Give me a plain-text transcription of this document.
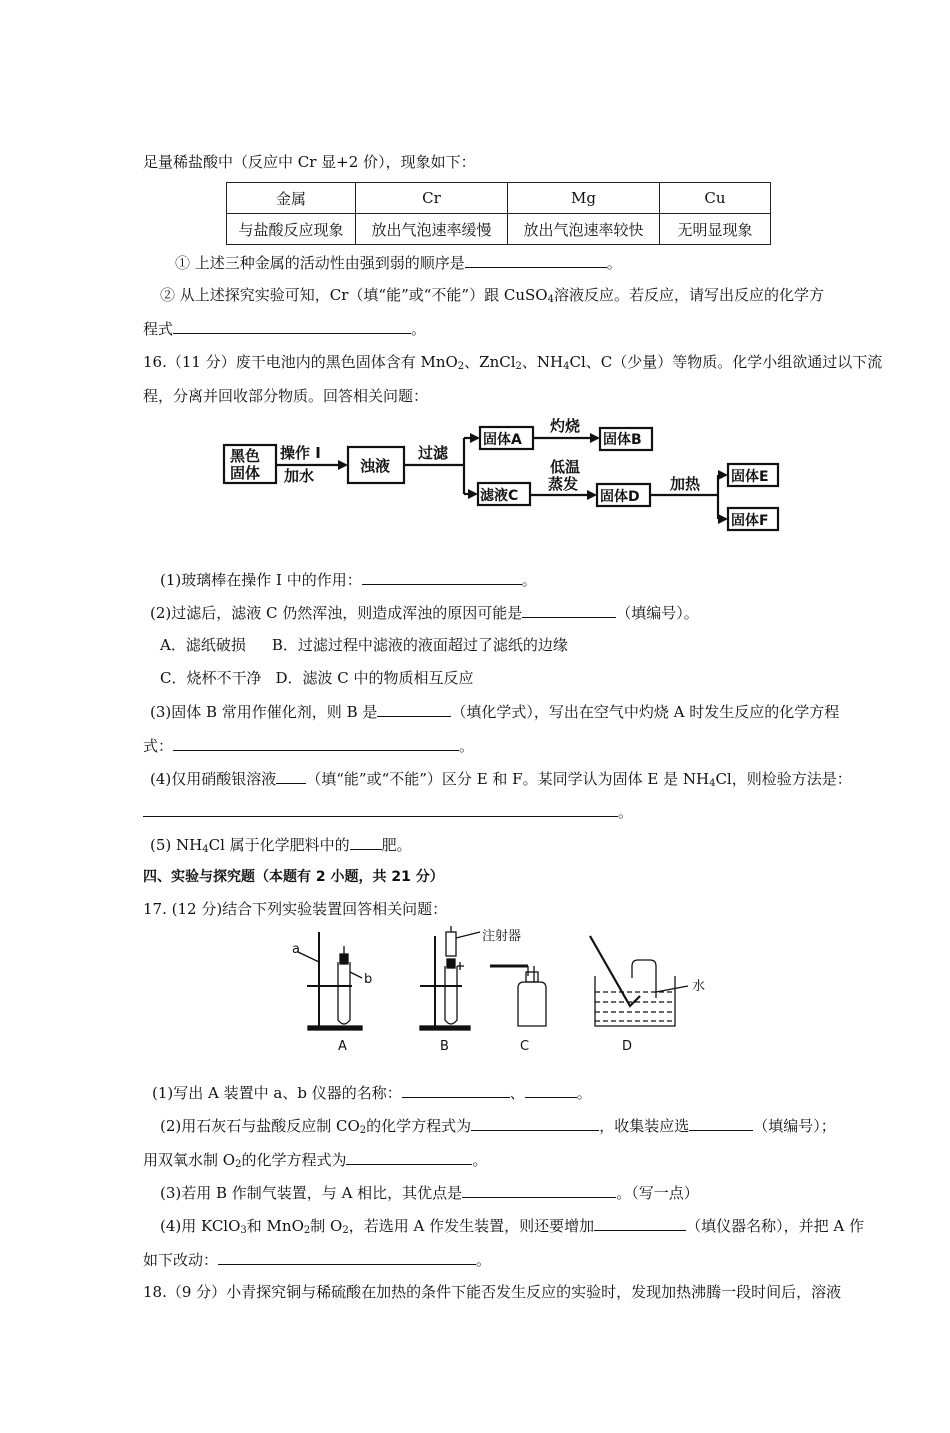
足量稀盐酸中（反应中 Cr 显+2 价），现象如下：
金属	Cr	Mg	Cu
与盐酸反应现象	放出气泡速率缓慢	放出气泡速率较快	无明显现象
① 上述三种金属的活动性由强到弱的顺序是	。
② 从上述探究实验可知，Cr（填“能”或“不能”）跟 CuSO$_4$溶液反应。若反应，请写出反应的化学方
程式	。
16.（11 分）废干电池内的黑色固体含有 MnO$_2$、ZnCl$_2$、$NH_4Cl$、C（少量）等物质。化学小组欲通过以下流
程，分离并回收部分物质。回答相关问题：
黑色
固体
操作 I
加水
浊液
过滤
固体A
灼烧
固体B
滤液C
低温
蒸发
固体D
加热 固体E
固体F
(1)玻璃棒在操作 I 中的作用：	。
(2)过滤后，滤液 C 仍然浑浊，则造成浑浊的原因可能是	（填编号）。
A．滤纸破损 B．过滤过程中滤液的液面超过了滤纸的边缘
C．烧杯不干净 D．滤波 C 中的物质相互反应
(3)固体 B 常用作催化剂，则 B 是	（填化学式），写出在空气中灼烧 A 时发生反应的化学方程
式：	。
(4)仅用硝酸银溶液 （填“能”或“不能”）区分 E 和 F。某同学认为固体 E 是 $NH_4Cl$，则检验方法是：
。
(5) $NH_4Cl$ 属于化学肥料中的 肥。
四、实验与探究题（本题有 2 小题，共 21 分）
17. (12 分)结合下列实验装置回答相关问题：
a
b
注射器
水
A	B	C	D
(1)写出 A 装置中 a、b 仪器的名称：	、	。
(2)用石灰石与盐酸反应制 $CO_2$的化学方程式为	，收集装应选	（填编号）；
用双氧水制 $O_2$的化学方程式为	。
(3)若用 B 作制气装置，与 A 相比，其优点是	。（写一点）
(4)用 KClO$_3$和 MnO$_2$制 $O_2$，若选用 A 作发生装置，则还要增加	（填仪器名称），并把 A 作
如下改动：	。
18.（9 分）小青探究铜与稀硫酸在加热的条件下能否发生反应的实验时，发现加热沸腾一段时间后，溶液
